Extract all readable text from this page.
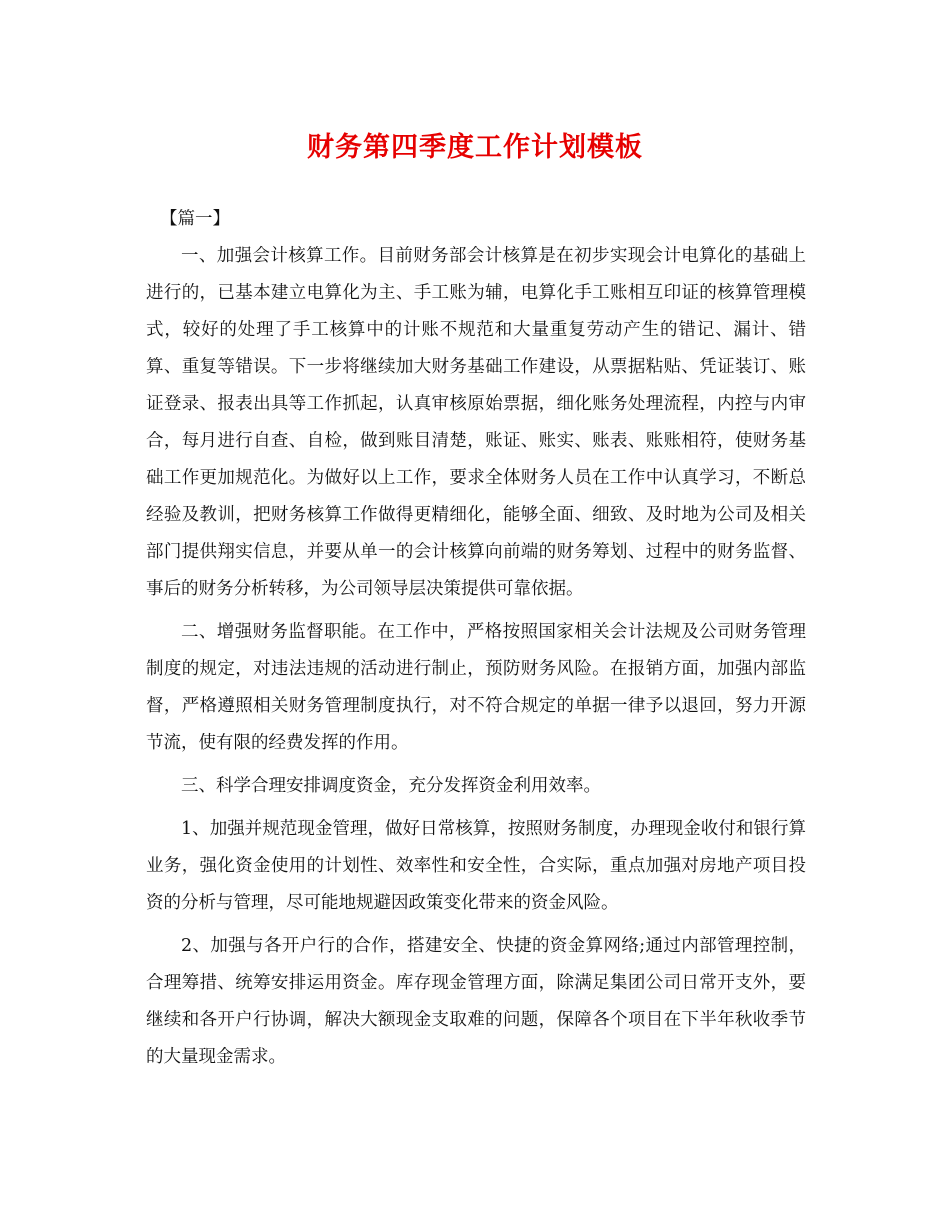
财务第四季度工作计划模板

【篇一】

一、加强会计核算工作。目前财务部会计核算是在初步实现会计电算化的基础上进行的，已基本建立电算化为主、手工账为辅，电算化手工账相互印证的核算管理模式，较好的处理了手工核算中的计账不规范和大量重复劳动产生的错记、漏计、错算、重复等错误。下一步将继续加大财务基础工作建设，从票据粘贴、凭证装订、账证登录、报表出具等工作抓起，认真审核原始票据，细化账务处理流程，内控与内审合，每月进行自查、自检，做到账目清楚，账证、账实、账表、账账相符，使财务基础工作更加规范化。为做好以上工作，要求全体财务人员在工作中认真学习，不断总经验及教训，把财务核算工作做得更精细化，能够全面、细致、及时地为公司及相关部门提供翔实信息，并要从单一的会计核算向前端的财务筹划、过程中的财务监督、事后的财务分析转移，为公司领导层决策提供可靠依据。

二、增强财务监督职能。在工作中，严格按照国家相关会计法规及公司财务管理制度的规定，对违法违规的活动进行制止，预防财务风险。在报销方面，加强内部监督，严格遵照相关财务管理制度执行，对不符合规定的单据一律予以退回，努力开源节流，使有限的经费发挥的作用。

三、科学合理安排调度资金，充分发挥资金利用效率。

1、加强并规范现金管理，做好日常核算，按照财务制度，办理现金收付和银行算业务，强化资金使用的计划性、效率性和安全性，合实际，重点加强对房地产项目投资的分析与管理，尽可能地规避因政策变化带来的资金风险。

2、加强与各开户行的合作，搭建安全、快捷的资金算网络;通过内部管理控制，合理筹措、统筹安排运用资金。库存现金管理方面，除满足集团公司日常开支外，要继续和各开户行协调，解决大额现金支取难的问题，保障各个项目在下半年秋收季节的大量现金需求。
